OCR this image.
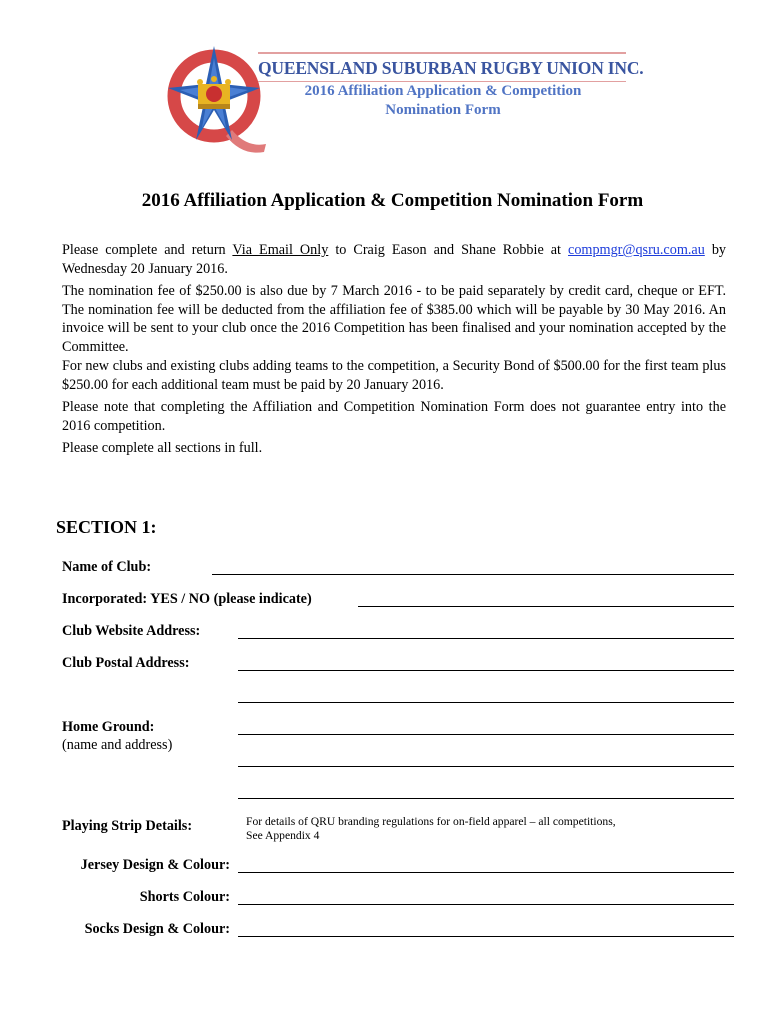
QUEENSLAND SUBURBAN RUGBY UNION INC.
2016 Affiliation Application & Competition
Nomination Form
2016 Affiliation Application & Competition Nomination Form
Please complete and return Via Email Only to Craig Eason and Shane Robbie at compmgr@qsru.com.au by Wednesday 20 January 2016.
The nomination fee of $250.00 is also due by 7 March 2016 - to be paid separately by credit card, cheque or EFT. The nomination fee will be deducted from the affiliation fee of $385.00 which will be payable by 30 May 2016. An invoice will be sent to your club once the 2016 Competition has been finalised and your nomination accepted by the Committee.
For new clubs and existing clubs adding teams to the competition, a Security Bond of $500.00 for the first team plus $250.00 for each additional team must be paid by 20 January 2016.
Please note that completing the Affiliation and Competition Nomination Form does not guarantee entry into the 2016 competition.
Please complete all sections in full.
SECTION 1:
Name of Club:
Incorporated: YES / NO (please indicate)
Club Website Address:
Club Postal Address:
Home Ground:
(name and address)
Playing Strip Details:	For details of QRU branding regulations for on-field apparel – all competitions,
See Appendix 4
Jersey Design & Colour:
Shorts Colour:
Socks Design & Colour:
